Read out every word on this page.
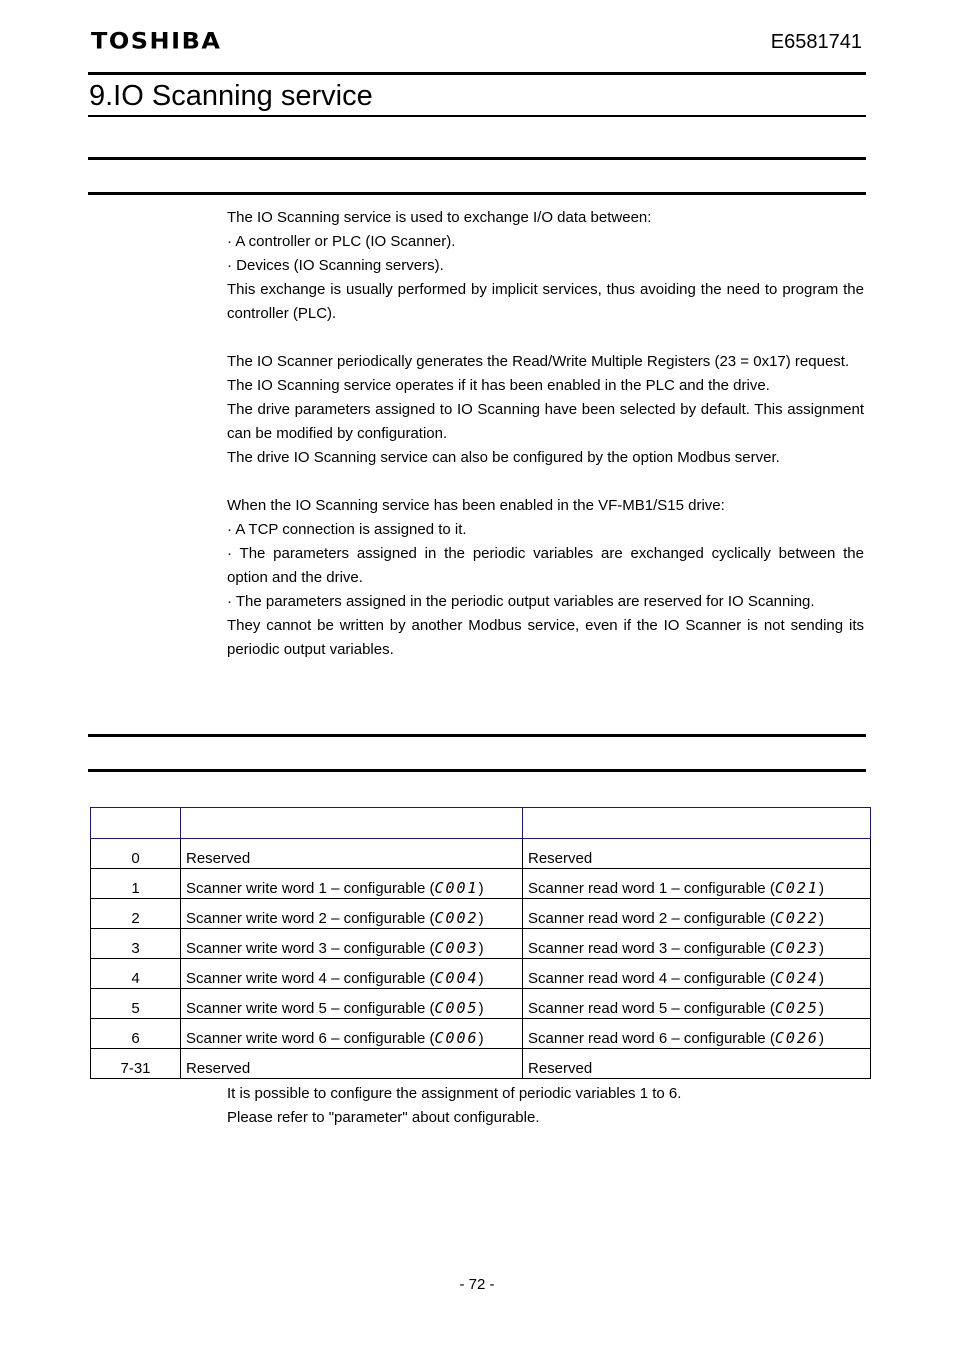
TOSHIBA	E6581741
9.IO Scanning service

The IO Scanning service is used to exchange I/O data between:

· A controller or PLC (IO Scanner).

· Devices (IO Scanning servers).

This exchange is usually performed by implicit services, thus avoiding the need to program the controller (PLC).

The IO Scanner periodically generates the Read/Write Multiple Registers (23 = 0x17) request.

The IO Scanning service operates if it has been enabled in the PLC and the drive.

The drive parameters assigned to IO Scanning have been selected by default. This assignment can be modified by configuration.

The drive IO Scanning service can also be configured by the option Modbus server.

When the IO Scanning service has been enabled in the VF-MB1/S15 drive:

· A TCP connection is assigned to it.

· The parameters assigned in the periodic variables are exchanged cyclically between the option and the drive.

· The parameters assigned in the periodic output variables are reserved for IO Scanning.

They cannot be written by another Modbus service, even if the IO Scanner is not sending its periodic output variables.

0	Reserved	Reserved
1	Scanner write word 1 – configurable (C001)	Scanner read word 1 – configurable (C021)
2	Scanner write word 2 – configurable (C002)	Scanner read word 2 – configurable (C022)
3	Scanner write word 3 – configurable (C003)	Scanner read word 3 – configurable (C023)
4	Scanner write word 4 – configurable (C004)	Scanner read word 4 – configurable (C024)
5	Scanner write word 5 – configurable (C005)	Scanner read word 5 – configurable (C025)
6	Scanner write word 6 – configurable (C006)	Scanner read word 6 – configurable (C026)
7-31	Reserved	Reserved

It is possible to configure the assignment of periodic variables 1 to 6.

Please refer to "parameter" about configurable.

- 72 -
